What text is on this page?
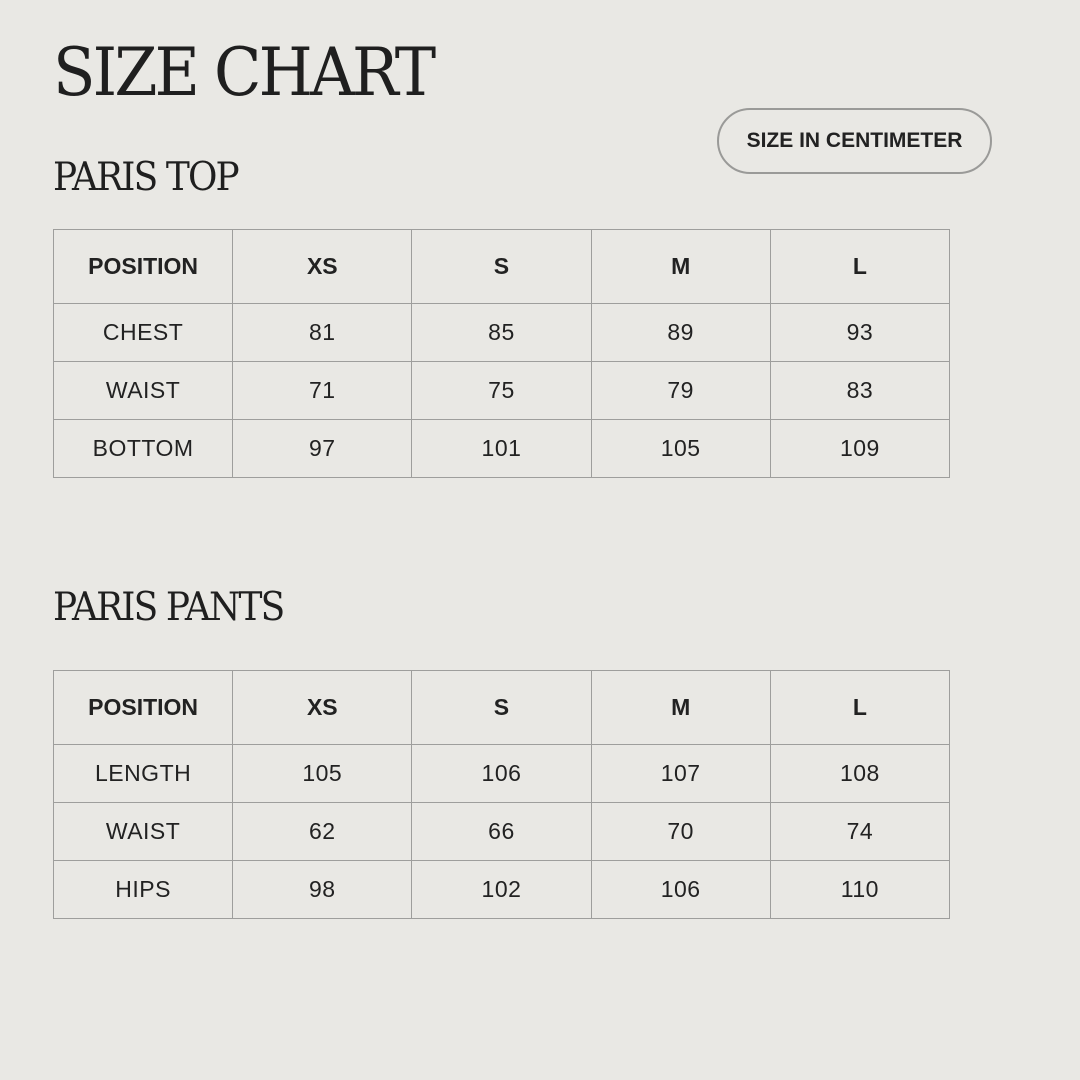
SIZE CHART
SIZE IN CENTIMETER
PARIS TOP
POSITION	XS	S	M	L
CHEST	81	85	89	93
WAIST	71	75	79	83
BOTTOM	97	101	105	109
PARIS PANTS
POSITION	XS	S	M	L
LENGTH	105	106	107	108
WAIST	62	66	70	74
HIPS	98	102	106	110
